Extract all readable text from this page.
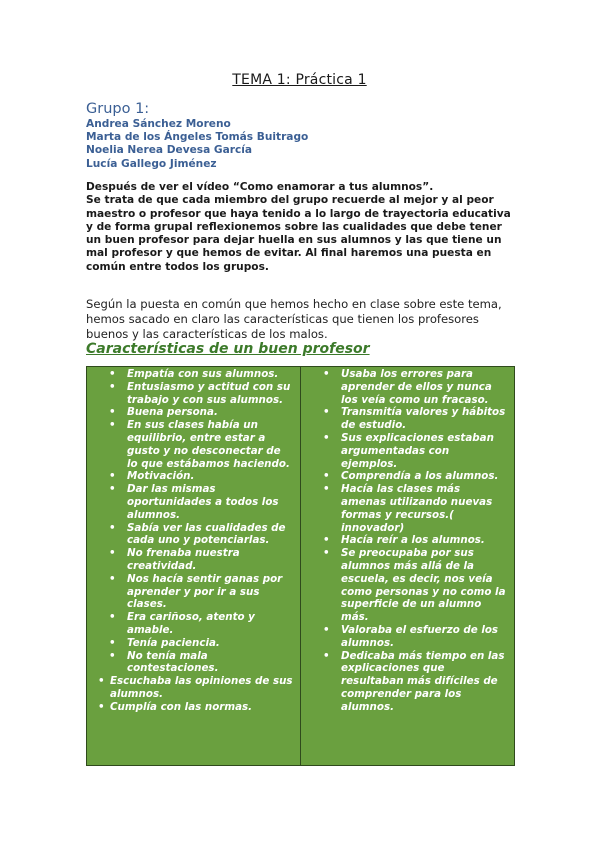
TEMA 1: Práctica 1
Grupo 1:
Andrea Sánchez Moreno
Marta de los Ángeles Tomás Buitrago
Noelia Nerea Devesa García
Lucía Gallego Jiménez

Después de ver el vídeo “Como enamorar a tus alumnos”.

Se trata de que cada miembro del grupo recuerde al mejor y al peor maestro o profesor que haya tenido a lo largo de trayectoria educativa y de forma grupal reflexionemos sobre las cualidades que debe tener un buen profesor para dejar huella en sus alumnos y las que tiene un mal profesor y que hemos de evitar. Al final haremos una puesta en común entre todos los grupos.

Según la puesta en común que hemos hecho en clase sobre este tema, hemos sacado en claro las características que tienen los profesores buenos y las características de los malos.
Características de un buen profesor
• Empatía con sus alumnos.
• Entusiasmo y actitud con su trabajo y con sus alumnos.
• Buena persona.
• En sus clases había un equilibrio, entre estar a gusto y no desconectar de lo que estábamos haciendo.
• Motivación.
• Dar las mismas oportunidades a todos los alumnos.
• Sabía ver las cualidades de cada uno y potenciarlas.
• No frenaba nuestra creatividad.
• Nos hacía sentir ganas por aprender y por ir a sus clases.
• Era cariñoso, atento y amable.
• Tenía paciencia.
• No tenía mala contestaciones.
• Escuchaba las opiniones de sus alumnos.
• Cumplía con las normas.
• Usaba los errores para aprender de ellos y nunca los veía como un fracaso.
• Transmitía valores y hábitos de estudio.
• Sus explicaciones estaban argumentadas con ejemplos.
• Comprendía a los alumnos.
• Hacía las clases más amenas utilizando nuevas formas y recursos.( innovador)
• Hacía reír a los alumnos.
• Se preocupaba por sus alumnos más allá de la escuela, es decir, nos veía como personas y no como la superficie de un alumno más.
• Valoraba el esfuerzo de los alumnos.
• Dedicaba más tiempo en las explicaciones que resultaban más difíciles de comprender para los alumnos.
